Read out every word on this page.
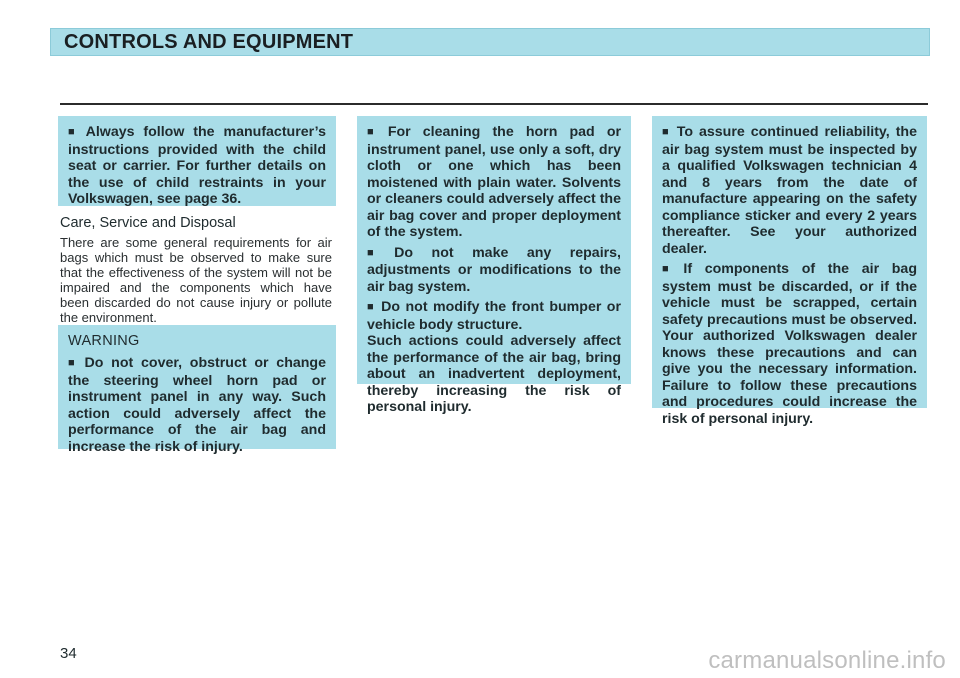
CONTROLS AND EQUIPMENT

■ Always follow the manufacturer’s instructions provided with the child seat or carrier. For further details on the use of child restraints in your Volkswagen, see page 36.

Care, Service and Disposal

There are some general requirements for air bags which must be observed to make sure that the effectiveness of the system will not be impaired and the components which have been discarded do not cause injury or pollute the environment.

WARNING

■ Do not cover, obstruct or change the steering wheel horn pad or instrument panel in any way. Such action could adversely affect the performance of the air bag and increase the risk of injury.

■ For cleaning the horn pad or instrument panel, use only a soft, dry cloth or one which has been moistened with plain water. Solvents or cleaners could adversely affect the air bag cover and proper deployment of the system.

■ Do not make any repairs, adjustments or modifications to the air bag system.

■ Do not modify the front bumper or vehicle body structure.

Such actions could adversely affect the performance of the air bag, bring about an inadvertent deployment, thereby increasing the risk of personal injury.

■ To assure continued reliability, the air bag system must be inspected by a qualified Volkswagen technician 4 and 8 years from the date of manufacture appearing on the safety compliance sticker and every 2 years thereafter. See your authorized dealer.

■ If components of the air bag system must be discarded, or if the vehicle must be scrapped, certain safety precautions must be observed. Your authorized Volkswagen dealer knows these precautions and can give you the necessary information. Failure to follow these precautions and procedures could increase the risk of personal injury.

34	carmanualsonline.info
